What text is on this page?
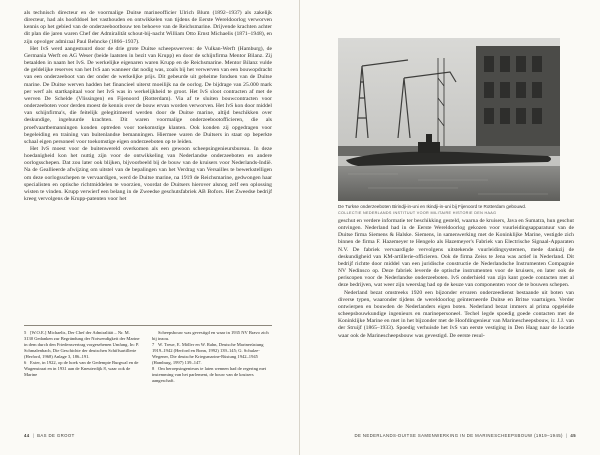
als technisch directeur en de voormalige Duitse marineofficier Ulrich Blum (1892–1937) als zakelijk directeur, had als hoofddoel het vasthouden en ontwikkelen van tijdens de Eerste Wereldoorlog verworven kennis op het gebied van de onderzeebootbouw ten behoeve van de Reichsmarine. Drijvende krachten achter dit plan die jaren waren Chef der Admiralität schout-bij-nacht William Otto Ernst Michaelis (1871–1948), en zijn opvolger admiraal Paul Behncke (1866–1937).

Het IvS werd aangestuurd door de drie grote Duitse scheepswerven: de Vulkan-Werft (Hamburg), de Germania Werft en AG Weser (beide laatsten in bezit van Krupp) en door de schijnfirma Mentor Bilanz. Zij betaalden in naam het IvS. De werkelijke eigenaren waren Krupp en de Reichsmarine. Mentor Bilanz vulde de geldelijke reserves van het IvS aan wanneer dat nodig was, zoals bij het verwerven van een bouwopdracht van een onderzeeboot van der onder de werkelijke prijs. Dit gebeurde uit geheime fondsen van de Duitse marine. De Duitse werven hadden het financieel uiterst moeilijk na de oorlog. De bijdrage van 25.000 mark per werf als startkapitaal voor het IvS was in werkelijkheid te groot. Het IvS sloot contracten af met de werven De Schelde (Vlissingen) en Fijenoord (Rotterdam). Via af te sluiten bouwcontracten voor onderzeeboten voor derden moest de kennis over de bouw ervan worden verworven. Het IvS kon door middel van schijnfirma's, die feitelijk gelegitimeerd werden door de Duitse marine, altijd beschikken over deskundige, ingehuurde krachten. Dit waren voormalige onderzeebootofficieren, die als proefvaartbemanningen konden optreden voor toekomstige klanten. Ook konden zij opgedragen voor begeleiding en training van buitenlandse bemanningen. Hiermee waren de Duitsers in staat op beperkte schaal eigen personeel voor toekomstige eigen onderzeeboten op te leiden.

Het IvS moest voor de buitenwereld overkomen als een gewoon scheepsingenieursbureau. In deze hoedanigheid kon het nuttig zijn voor de ontwikkeling van Nederlandse onderzeeboten en andere oorlogsschepen. Dat zou later ook blijken, bijvoorbeeld bij de bouw van de kruisers voor Nederlands-Indië. Na de Geallieerde afwijzing om uitstel van de bepalingen van het Verdrag van Versailles te bewerkstelligen om deze oorlogsschepen te vervaardigen, werd de Duitse marine, na 1919 de Reichsmarine, gedwongen haar specialisten en optische richtmiddelen te voorzien, voordat de Duitsers hierover alsnog zelf een oplossing wisten te vinden. Krupp verwierf een belang in de Zweedse geschutsfabriek AB Bofors. Het Zweedse bedrijf kreeg vervolgens de Krupp-patenten voor het

5 [W.O.E.] Michaelis, Der Chef der Admiralität – Nr. M. 3130 Gedanken zur Begründung der Notwendigkeit der Marine in dem durch den Friedensvertrag vorgesehenen Umfang. In: P. Schmalenbach, Die Geschichte der deutschen Schiffsartillerie (Herford, 1968) Anlage 3, 186–191.

6 Exter, in 1922, op de hoek van de Gedempte Burgwal en de Wagenstraat en in 1931 aan de Kneuterdijk 8, waar ook de Marine

Scheepsbouw was gevestigd en waar in 1935 NV Bravo zich bij inzou.

7 W. Treue, E. Möller en W. Rahn, Deutsche Marinerüstung 1919–1942 (Herford en Bonn, 1992) 139–145; G. Schulze-Wegener, Die deutsche Kriegsmarine-Rüstung 1942–1945 (Hamburg, 1997) 139–147.

8 Om beroepsingenieurs te laten wennen had de regering met instemming van het parlement, de bouw van de kruisers aangeschaft.

44 | BAS DE GROOT
De Turkse onderzeeboten Birindji-in-uni en Ikindji-in-uni bij Fijenoord te Rotterdam gebouwd.
COLLECTIE NEDERLANDS INSTITUUT VOOR MILITAIRE HISTORIE DEN HAAG

geschut en verdere informatie ter beschikking gesteld, waarna de kruisers, Java en Sumatra, hun geschut ontvingen. Nederland had in de Eerste Wereldoorlog gekozen voor vuurleidingsapparatuur van de Duitse firma Siemens & Halske. Siemens, in samenwerking met de Koninklijke Marine, vestigde zich binnen de firma F. Hazemeyer te Hengelo als Hazemeyer's Fabriek van Electrische Signaal-Apparaten N.V. De fabriek vervaardigde vervolgens uitstekende vuurleidingsystemen, mede dankzij de deskundigheid van KM-artillerie-officieren. Ook de firma Zeiss te Jena was actief in Nederland. Dit bedrijf richtte door middel van een juridische constructie de Nederlandsche Instrumenten Compagnie NV Nedinsco op. Deze fabriek leverde de optische instrumenten voor de kruisers, en later ook de periscopen voor de Nederlandse onderzeeboten. IvS onderhield van zijn kant goede contacten met al deze bedrijven, wat weer zijn weerslag had op de keuze van componenten voor de te bouwen schepen.

Nederland bezat omstreeks 1920 een bijzonder ervaren onderzeedienst bestaande uit boten van diverse typen, waaronder tijdens de wereldoorlog geïnterneerde Duitse en Britse vaartuigen. Verder ontwierpen en bouwden de Nederlanders eigen boten. Nederland bezat immers al prima opgeleide scheepsbouwkundige ingenieurs en marinepersoneel. Techel legde spoedig goede contacten met de Koninklijke Marine en met in het bijzonder met de Hoofdingenieur van Marinescheepsbouw, ir. J.J. van der Struijf (1865–1933). Spoedig verhuisde het IvS van eerste vestiging in Den Haag naar de locatie waar ook de Marinescheepsbouw was gevestigd. De eerste resul-

DE NEDERLANDS-DUITSE SAMENWERKING IN DE MARINESCHEEPSBOUW (1919–1945) | 45
